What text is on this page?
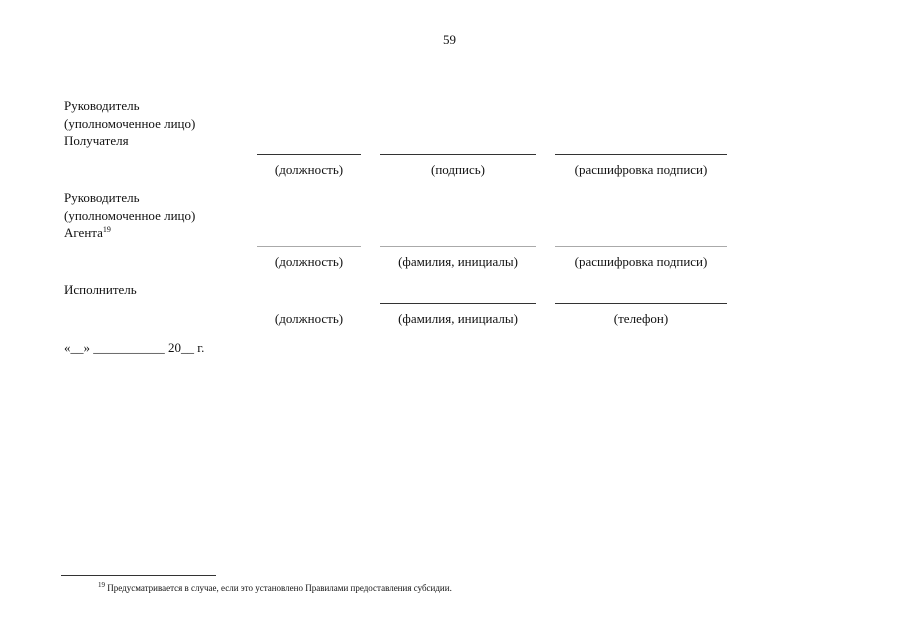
59
Руководитель
(уполномоченное лицо)
Получателя
(должность)	(подпись)	(расшифровка подписи)
Руководитель
(уполномоченное лицо)
Агента$^{19}$
(должность)	(фамилия, инициалы)	(расшифровка подписи)
Исполнитель
(должность)	(фамилия, инициалы)	(телефон)
«__» ___________ 20__ г.
$^{19}$ Предусматривается в случае, если это установлено Правилами предоставления субсидии.
